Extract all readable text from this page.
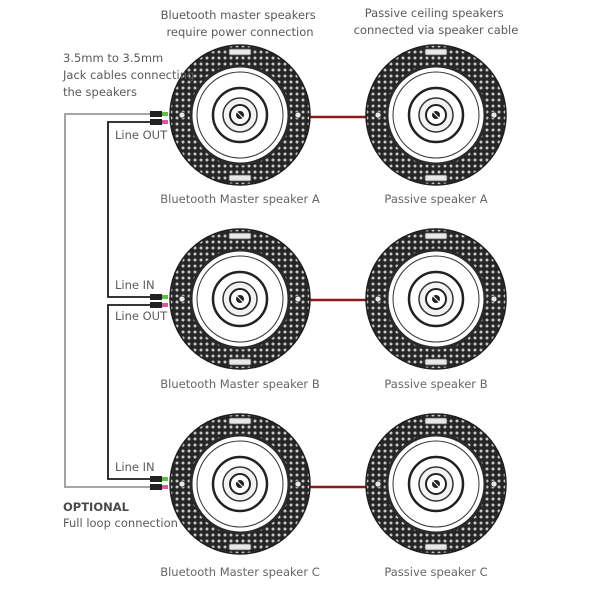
Bluetooth master speakers require power connection
Passive ceiling speakers connected via speaker cable
3.5mm to 3.5mm Jack cables connecting the speakers
Line OUT
Line IN
Line OUT
Line IN
OPTIONAL
Full loop connection
Bluetooth Master speaker A	Passive speaker A
Bluetooth Master speaker B	Passive speaker B
Bluetooth Master speaker C	Passive speaker C
